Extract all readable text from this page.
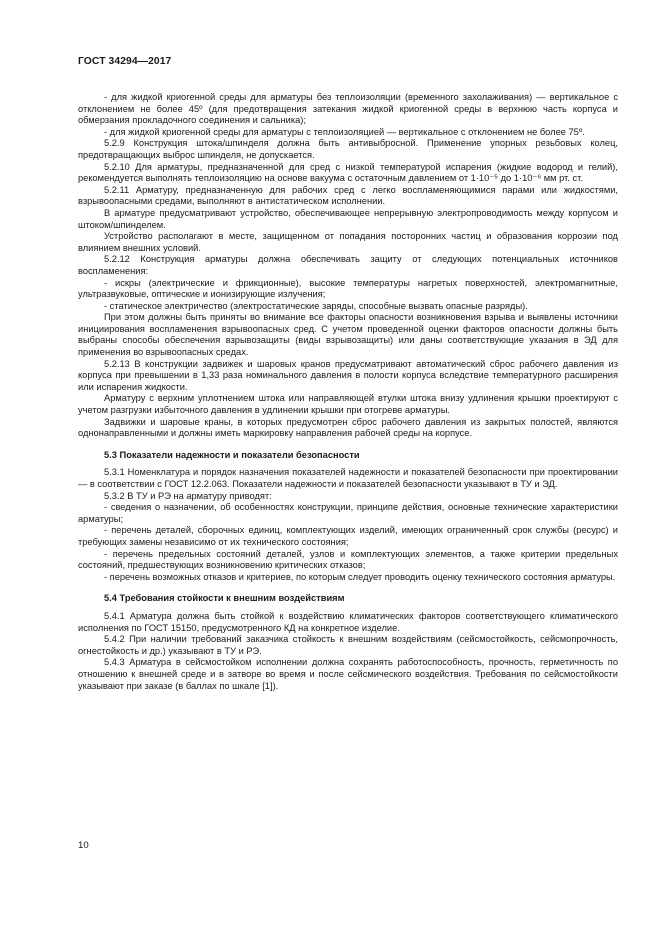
ГОСТ 34294—2017

- для жидкой криогенной среды для арматуры без теплоизоляции (временного захолаживания) — вертикальное с отклонением не более 45º (для предотвращения затекания жидкой криогенной среды в верхнюю часть корпуса и обмерзания прокладочного соединения и сальника);

- для жидкой криогенной среды для арматуры с теплоизоляцией — вертикальное с отклонением не более 75º.

5.2.9 Конструкция штока/шпинделя должна быть антивыбросной. Применение упорных резьбовых колец, предотвращающих выброс шпинделя, не допускается.

5.2.10 Для арматуры, предназначенной для сред с низкой температурой испарения (жидкие водород и гелий), рекомендуется выполнять теплоизоляцию на основе вакуума с остаточным давлением от 1·10⁻⁵ до 1·10⁻⁶ мм рт. ст.

5.2.11 Арматуру, предназначенную для рабочих сред с легко воспламеняющимися парами или жидкостями, взрывоопасными средами, выполняют в антистатическом исполнении.

В арматуре предусматривают устройство, обеспечивающее непрерывную электропроводимость между корпусом и штоком/шпинделем.

Устройство располагают в месте, защищенном от попадания посторонних частиц и образования коррозии под влиянием внешних условий.

5.2.12 Конструкция арматуры должна обеспечивать защиту от следующих потенциальных источников воспламенения:

- искры (электрические и фрикционные), высокие температуры нагретых поверхностей, электромагнитные, ультразвуковые, оптические и ионизирующие излучения;

- статическое электричество (электростатические заряды, способные вызвать опасные разряды).

При этом должны быть приняты во внимание все факторы опасности возникновения взрыва и выявлены источники инициирования воспламенения взрывоопасных сред. С учетом проведенной оценки факторов опасности должны быть выбраны способы обеспечения взрывозащиты (виды взрывозащиты) или даны соответствующие указания в ЭД для применения во взрывоопасных средах.

5.2.13 В конструкции задвижек и шаровых кранов предусматривают автоматический сброс рабочего давления из корпуса при превышении в 1,33 раза номинального давления в полости корпуса вследствие температурного расширения или испарения жидкости.

Арматуру с верхним уплотнением штока или направляющей втулки штока внизу удлинения крышки проектируют с учетом разгрузки избыточного давления в удлинении крышки при отогреве арматуры.

Задвижки и шаровые краны, в которых предусмотрен сброс рабочего давления из закрытых полостей, являются однонаправленными и должны иметь маркировку направления рабочей среды на корпусе.

5.3 Показатели надежности и показатели безопасности

5.3.1 Номенклатура и порядок назначения показателей надежности и показателей безопасности при проектировании — в соответствии с ГОСТ 12.2.063. Показатели надежности и показателей безопасности указывают в ТУ и ЭД.

5.3.2 В ТУ и РЭ на арматуру приводят:

- сведения о назначении, об особенностях конструкции, принципе действия, основные технические характеристики арматуры;

- перечень деталей, сборочных единиц, комплектующих изделий, имеющих ограниченный срок службы (ресурс) и требующих замены независимо от их технического состояния;

- перечень предельных состояний деталей, узлов и комплектующих элементов, а также критерии предельных состояний, предшествующих возникновению критических отказов;

- перечень возможных отказов и критериев, по которым следует проводить оценку технического состояния арматуры.

5.4 Требования стойкости к внешним воздействиям

5.4.1 Арматура должна быть стойкой к воздействию климатических факторов соответствующего климатического исполнения по ГОСТ 15150, предусмотренного КД на конкретное изделие.

5.4.2 При наличии требований заказчика стойкость к внешним воздействиям (сейсмостойкость, сейсмопрочность, огнестойкость и др.) указывают в ТУ и РЭ.

5.4.3 Арматура в сейсмостойком исполнении должна сохранять работоспособность, прочность, герметичность по отношению к внешней среде и в затворе во время и после сейсмического воздействия. Требования по сейсмостойкости указывают при заказе (в баллах по шкале [1]).

10
